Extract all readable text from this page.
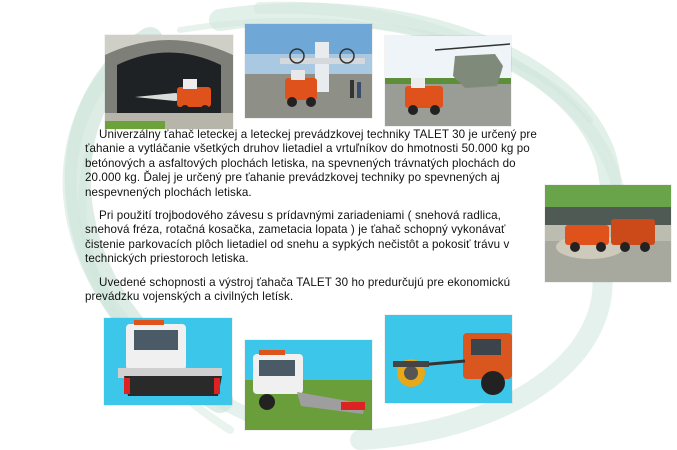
Univerzálny ťahač leteckej a leteckej prevádzkovej techniky TALET 30 je určený pre ťahanie a vytláčanie všetkých druhov lietadiel a vrtuľníkov do hmotnosti 50.000 kg po betónových a asfaltových plochách letiska, na spevnených trávnatých plochách do 20.000 kg. Ďalej je určený pre ťahanie prevádzkovej techniky po spevnených aj nespevnených plochách letiska.

Pri použití trojbodového závesu s prídavnými zariadeniami ( snehová radlica, snehová fréza, rotačná kosačka, zametacia lopata ) je ťahač schopný vykonávať čistenie parkovacích plôch lietadiel od snehu a sypkých nečistôt a pokosiť trávu v technických priestoroch letiska.

Uvedené schopnosti a výstroj ťahača TALET 30 ho predurčujú pre ekonomickú prevádzku vojenských a civilných letísk.
